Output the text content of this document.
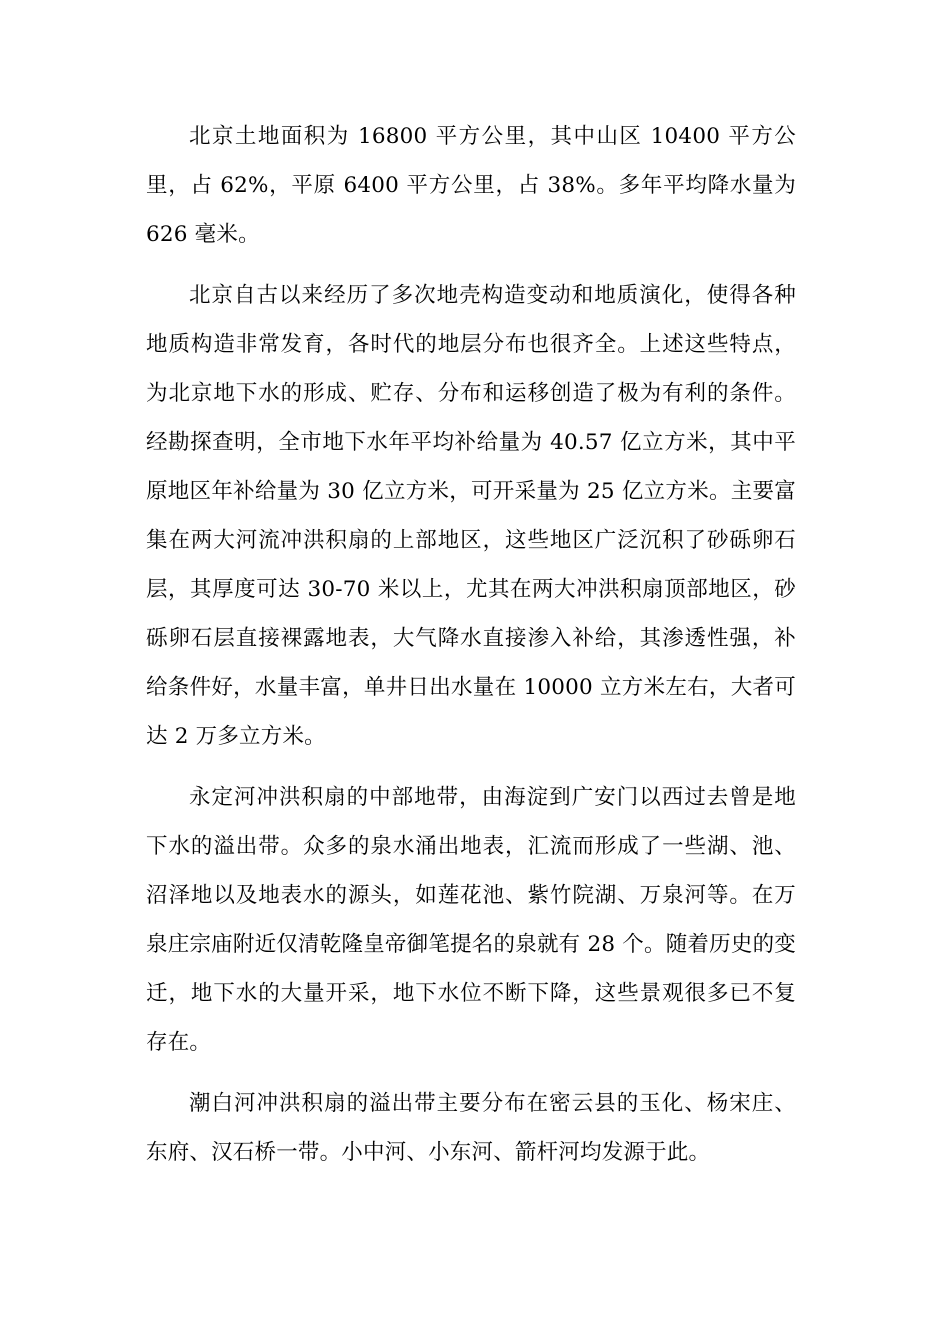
北京土地面积为 16800 平方公里，其中山区 10400 平方公里，占 62%，平原 6400 平方公里，占 38%。多年平均降水量为 626 毫米。

北京自古以来经历了多次地壳构造变动和地质演化，使得各种地质构造非常发育，各时代的地层分布也很齐全。上述这些特点，为北京地下水的形成、贮存、分布和运移创造了极为有利的条件。经勘探查明，全市地下水年平均补给量为 40.57 亿立方米，其中平原地区年补给量为 30 亿立方米，可开采量为 25 亿立方米。主要富集在两大河流冲洪积扇的上部地区，这些地区广泛沉积了砂砾卵石层，其厚度可达 30-70 米以上，尤其在两大冲洪积扇顶部地区，砂砾卵石层直接裸露地表，大气降水直接渗入补给，其渗透性强，补给条件好，水量丰富，单井日出水量在 10000 立方米左右，大者可达 2 万多立方米。

永定河冲洪积扇的中部地带，由海淀到广安门以西过去曾是地下水的溢出带。众多的泉水涌出地表，汇流而形成了一些湖、池、沼泽地以及地表水的源头，如莲花池、紫竹院湖、万泉河等。在万泉庄宗庙附近仅清乾隆皇帝御笔提名的泉就有 28 个。随着历史的变迁，地下水的大量开采，地下水位不断下降，这些景观很多已不复存在。

潮白河冲洪积扇的溢出带主要分布在密云县的玉化、杨宋庄、东府、汉石桥一带。小中河、小东河、箭杆河均发源于此。
